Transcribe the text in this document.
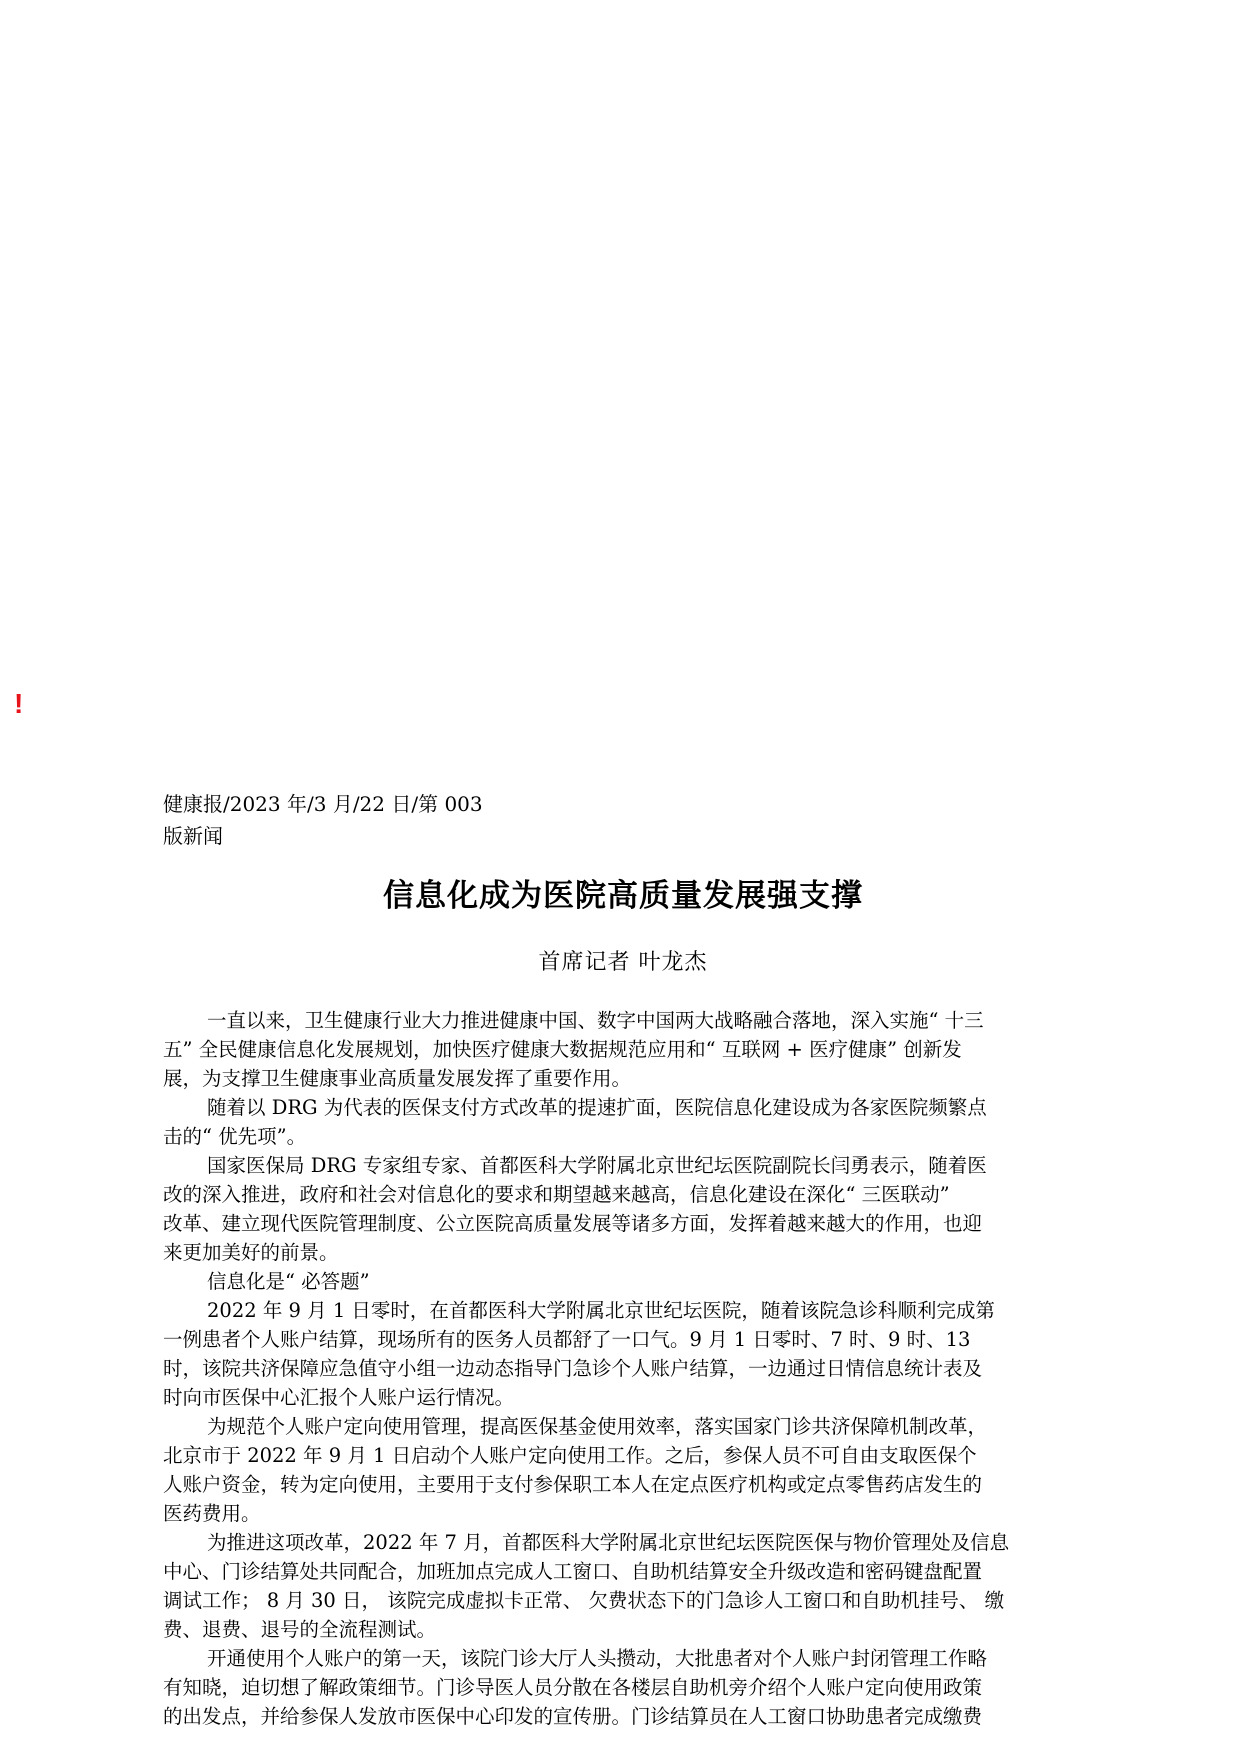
!
健康报/2023 年/3 月/22 日/第 003
版新闻
信息化成为医院高质量发展强支撑
首席记者 叶龙杰
一直以来，卫生健康行业大力推进健康中国、数字中国两大战略融合落地，深入实施“ 十三
五” 全民健康信息化发展规划，加快医疗健康大数据规范应用和“ 互联网 + 医疗健康” 创新发
展，为支撑卫生健康事业高质量发展发挥了重要作用。
随着以 DRG 为代表的医保支付方式改革的提速扩面，医院信息化建设成为各家医院频繁点
击的“ 优先项”。
国家医保局 DRG 专家组专家、首都医科大学附属北京世纪坛医院副院长闫勇表示，随着医
改的深入推进，政府和社会对信息化的要求和期望越来越高，信息化建设在深化“ 三医联动”
改革、建立现代医院管理制度、公立医院高质量发展等诸多方面，发挥着越来越大的作用，也迎
来更加美好的前景。
信息化是“ 必答题”
2022 年 9 月 1 日零时，在首都医科大学附属北京世纪坛医院，随着该院急诊科顺利完成第
一例患者个人账户结算，现场所有的医务人员都舒了一口气。9 月 1 日零时、7 时、9 时、13
时，该院共济保障应急值守小组一边动态指导门急诊个人账户结算，一边通过日情信息统计表及
时向市医保中心汇报个人账户运行情况。
为规范个人账户定向使用管理，提高医保基金使用效率，落实国家门诊共济保障机制改革，
北京市于 2022 年 9 月 1 日启动个人账户定向使用工作。之后，参保人员不可自由支取医保个
人账户资金，转为定向使用，主要用于支付参保职工本人在定点医疗机构或定点零售药店发生的
医药费用。
为推进这项改革，2022 年 7 月，首都医科大学附属北京世纪坛医院医保与物价管理处及信息
中心、门诊结算处共同配合，加班加点完成人工窗口、自助机结算安全升级改造和密码键盘配置
调试工作； 8 月 30 日， 该院完成虚拟卡正常、 欠费状态下的门急诊人工窗口和自助机挂号、 缴
费、退费、退号的全流程测试。
开通使用个人账户的第一天，该院门诊大厅人头攒动，大批患者对个人账户封闭管理工作略
有知晓，迫切想了解政策细节。门诊导医人员分散在各楼层自助机旁介绍个人账户定向使用政策
的出发点，并给参保人发放市医保中心印发的宣传册。门诊结算员在人工窗口协助患者完成缴费
